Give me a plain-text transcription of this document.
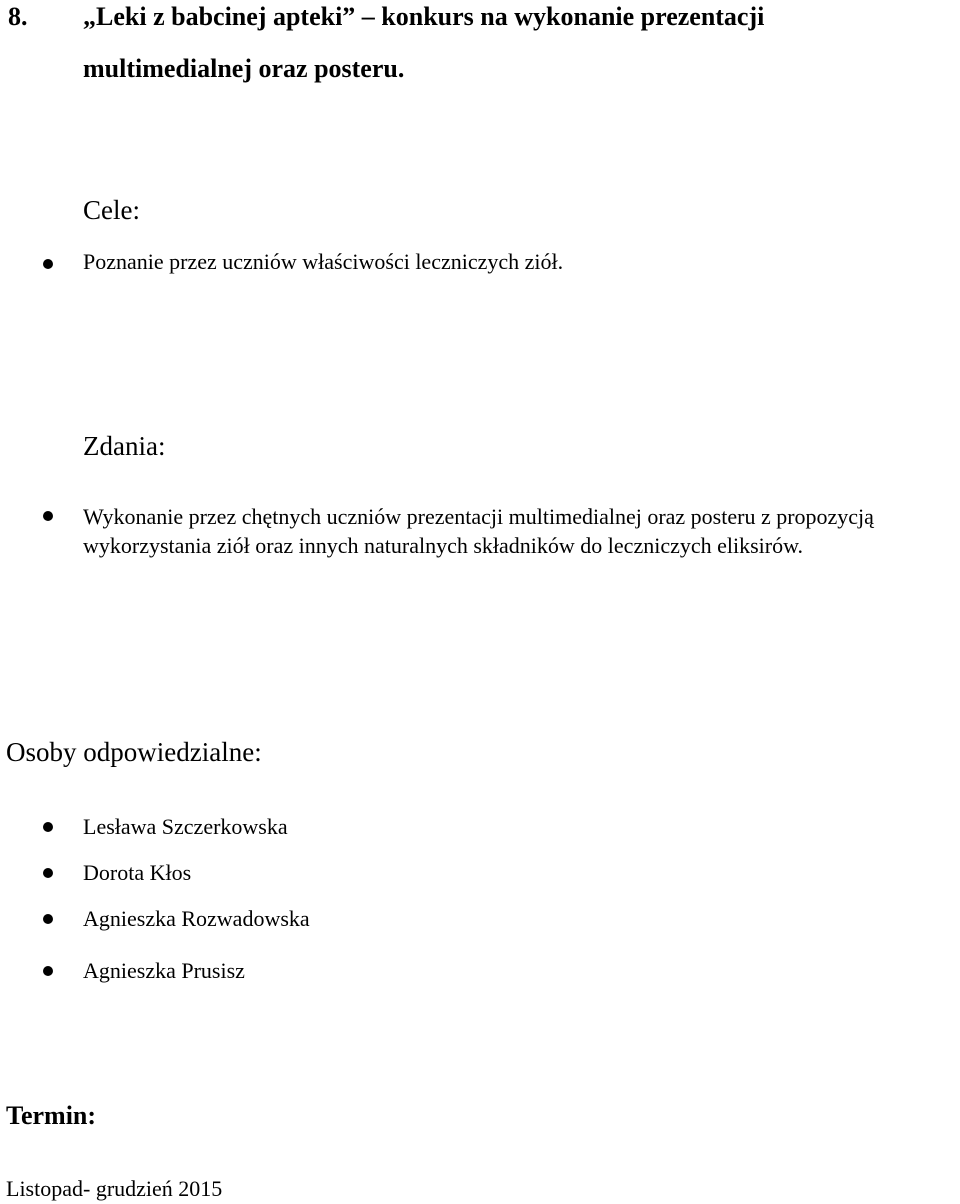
8. „Leki z babcinej apteki” – konkurs na wykonanie prezentacji
multimedialnej oraz posteru.
Cele:
Poznanie przez uczniów właściwości leczniczych ziół.
Zdania:
Wykonanie przez chętnych uczniów prezentacji multimedialnej oraz posteru z propozycją wykorzystania ziół oraz innych naturalnych składników do leczniczych eliksirów.
Osoby odpowiedzialne:
Lesława Szczerkowska
Dorota Kłos
Agnieszka Rozwadowska
Agnieszka Prusisz
Termin:
Listopad- grudzień 2015
